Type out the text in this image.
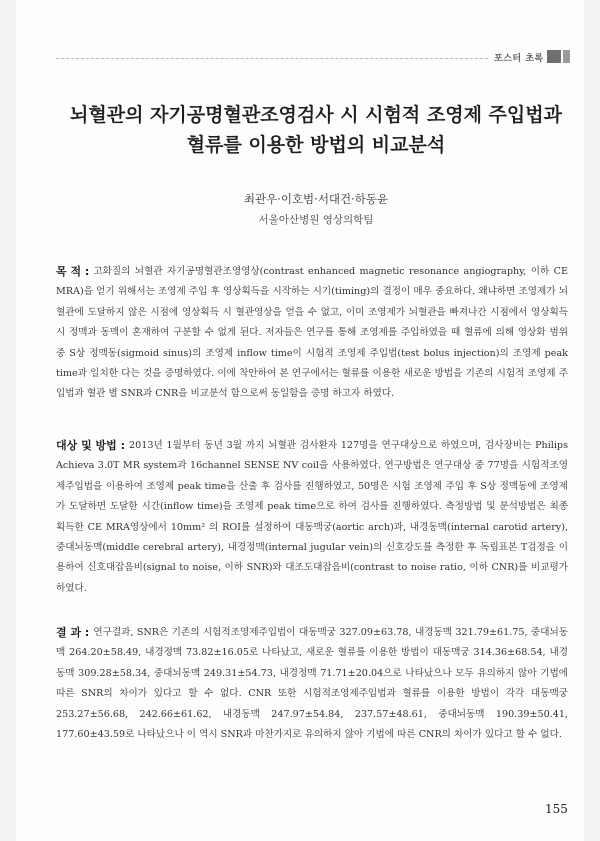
포스터 초록
뇌혈관의 자기공명혈관조영검사 시 시험적 조영제 주입법과
혈류를 이용한 방법의 비교분석
최관우·이호범·서대건·하동윤
서울아산병원 영상의학팀
목 적 : 고화질의 뇌혈관 자기공명혈관조영영상(contrast enhanced magnetic resonance angiography, 이하 CE MRA)을 얻기 위해서는 조영제 주입 후 영상획득을 시작하는 시기(timing)의 결정이 매우 중요하다. 왜냐하면 조영제가 뇌혈관에 도달하지 않은 시점에 영상획득 시 혈관영상을 얻을 수 없고, 이미 조영제가 뇌혈관을 빠져나간 시점에서 영상획득 시 정맥과 동맥이 혼재하여 구분할 수 없게 된다. 저자들은 연구를 통해 조영제를 주입하였을 때 혈류에 의해 영상화 범위 중 S상 정맥동(sigmoid sinus)의 조영제 inflow time이 시험적 조영제 주입법(test bolus injection)의 조영제 peak time과 일치한 다는 것을 증명하였다. 이에 착안하여 본 연구에서는 혈류를 이용한 새로운 방법을 기존의 시험적 조영제 주입법과 혈관 별 SNR과 CNR을 비교분석 함으로써 동일함을 증명 하고자 하였다.
대상 및 방법 : 2013년 1월부터 동년 3월 까지 뇌혈관 검사환자 127명을 연구대상으로 하였으며, 검사장비는 Philips Achieva 3.0T MR system과 16channel SENSE NV coil을 사용하였다. 연구방법은 연구대상 중 77명을 시험적조영제주입법을 이용하여 조영제 peak time을 산출 후 검사를 진행하였고, 50명은 시험 조영제 주입 후 S상 정맥동에 조영제가 도달하면 도달한 시간(inflow time)을 조영제 peak time으로 하여 검사를 진행하였다. 측정방법 및 분석방법은 최종 획득한 CE MRA영상에서 10mm² 의 ROI를 설정하여 대동맥궁(aortic arch)과, 내경동맥(internal carotid artery), 중대뇌동맥(middle cerebral artery), 내경정맥(internal jugular vein)의 신호강도를 측정한 후 독립표본 T검정을 이용하여 신호대잡음비(signal to noise, 이하 SNR)와 대조도대잡음비(contrast to noise ratio, 이하 CNR)를 비교평가 하였다.
결 과 : 연구결과, SNR은 기존의 시험적조영제주입법이 대동맥궁 327.09±63.78, 내경동맥 321.79±61.75, 중대뇌동맥 264.20±58.49, 내경정맥 73.82±16.05로 나타났고, 새로운 혈류를 이용한 방법이 대동맥궁 314.36±68.54, 내경동맥 309.28±58.34, 중대뇌동맥 249.31±54.73, 내경정맥 71.71±20.04으로 나타났으나 모두 유의하지 않아 기법에 따른 SNR의 차이가 있다고 할 수 없다. CNR 또한 시험적조영제주입법과 혈류를 이용한 방법이 각각 대동맥궁 253.27±56.68, 242.66±61.62, 내경동맥 247.97±54.84, 237.57±48.61, 중대뇌동맥 190.39±50.41, 177.60±43.59로 나타났으나 이 역시 SNR과 마찬가지로 유의하지 않아 기법에 따른 CNR의 차이가 있다고 할 수 없다.
155
